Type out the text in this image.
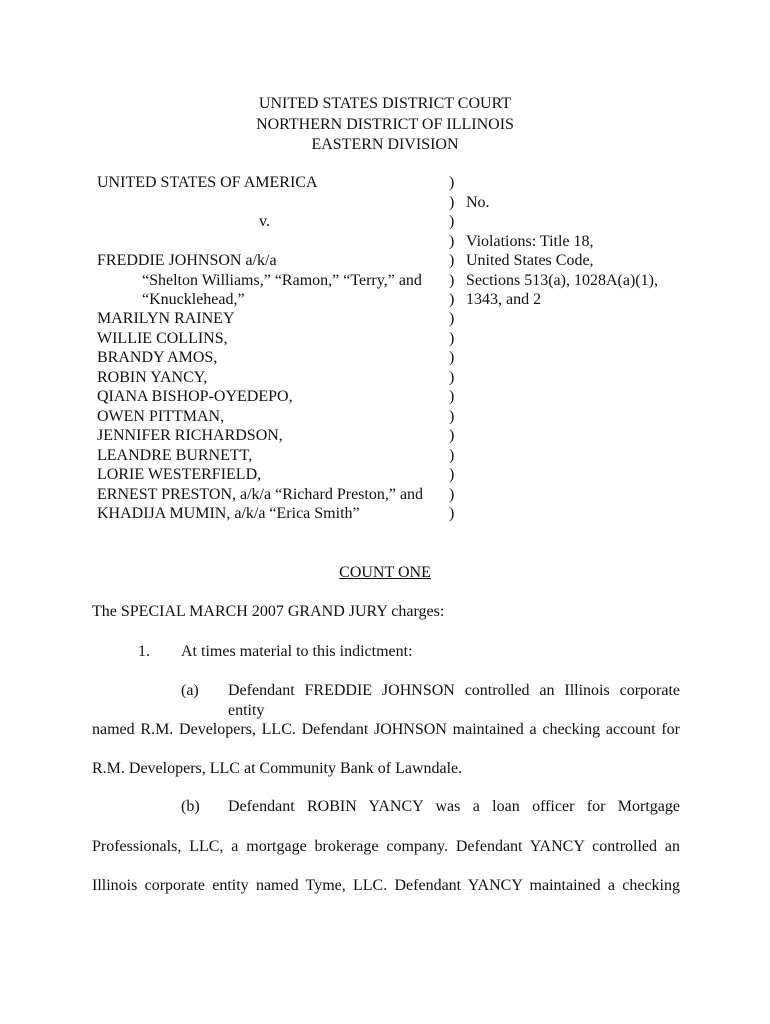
UNITED STATES DISTRICT COURT
NORTHERN DISTRICT OF ILLINOIS
EASTERN DIVISION
UNITED STATES OF AMERICA
v.
FREDDIE JOHNSON a/k/a
“Shelton Williams,” “Ramon,” “Terry,” and
“Knucklehead,”
MARILYN RAINEY
WILLIE COLLINS,
BRANDY AMOS,
ROBIN YANCY,
QIANA BISHOP-OYEDEPO,
OWEN PITTMAN,
JENNIFER RICHARDSON,
LEANDRE BURNETT,
LORIE WESTERFIELD,
ERNEST PRESTON, a/k/a “Richard Preston,” and
KHADIJA MUMIN, a/k/a “Erica Smith”
)
)
)
)
)
)
)
)
)
)
)
)
)
)
)
)
)
)
No.
Violations: Title 18,
United States Code,
Sections 513(a), 1028A(a)(1),
1343, and 2
COUNT ONE
The SPECIAL MARCH 2007 GRAND JURY charges:
1. At times material to this indictment:
(a) Defendant FREDDIE JOHNSON controlled an Illinois corporate entity
named R.M. Developers, LLC. Defendant JOHNSON maintained a checking account for
R.M. Developers, LLC at Community Bank of Lawndale.
(b) Defendant ROBIN YANCY was a loan officer for Mortgage
Professionals, LLC, a mortgage brokerage company. Defendant YANCY controlled an
Illinois corporate entity named Tyme, LLC. Defendant YANCY maintained a checking
